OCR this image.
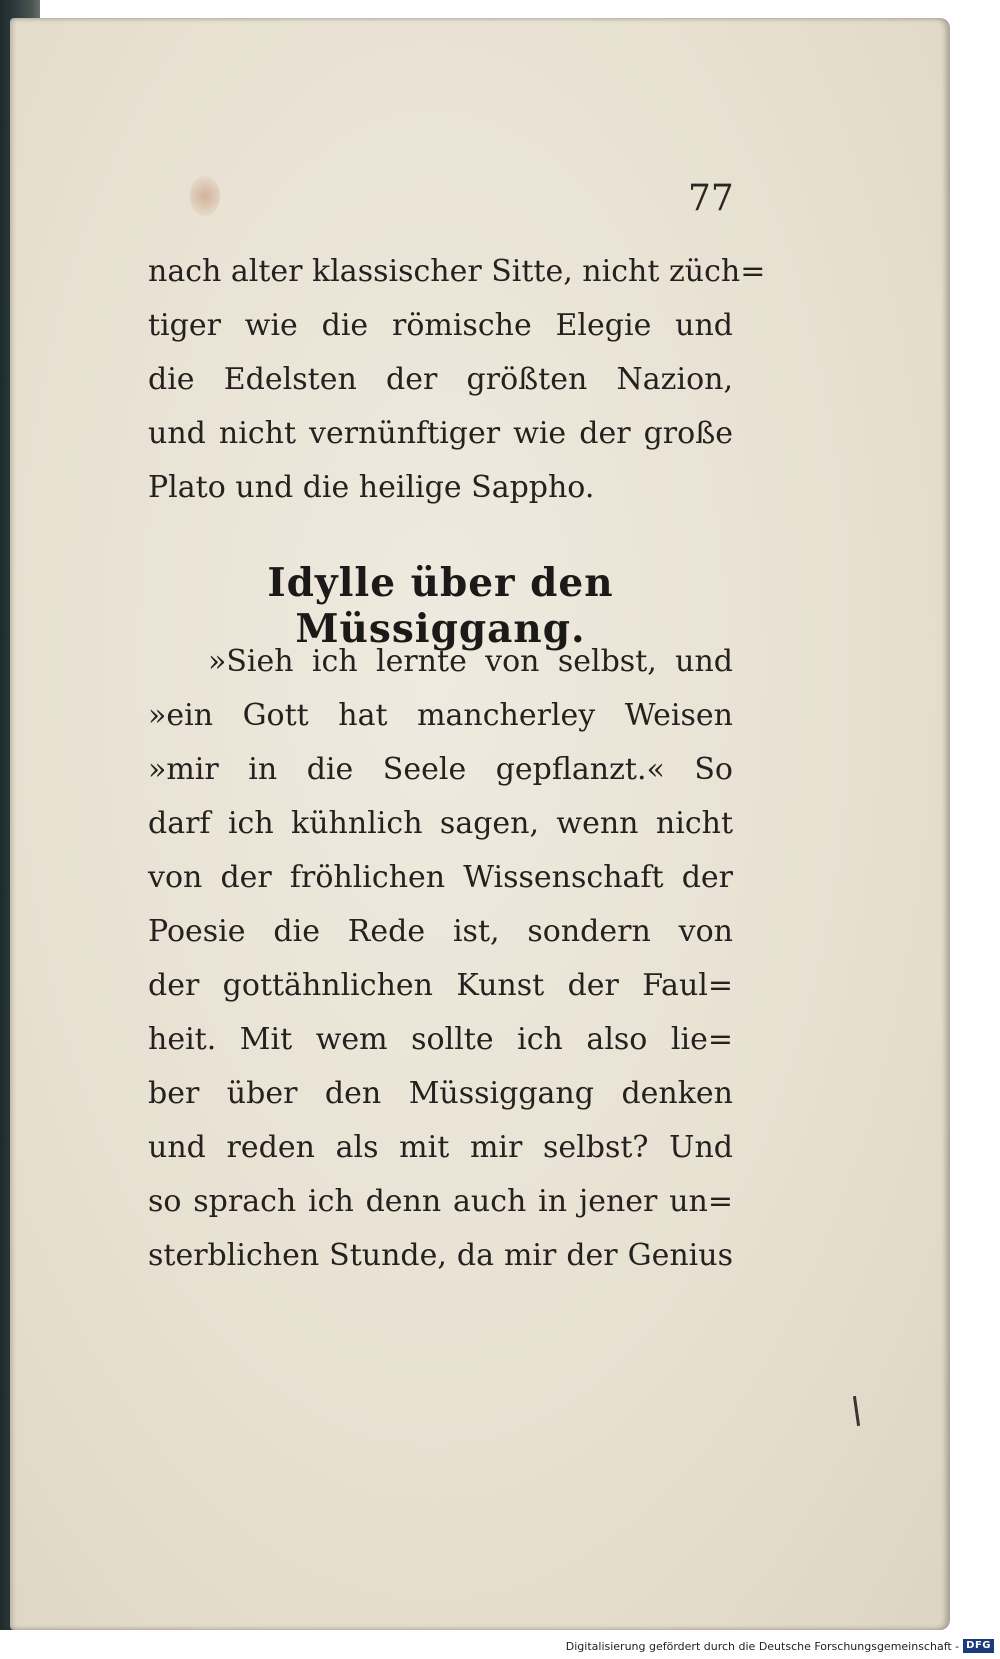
77
nach alter klassischer Sitte, nicht züch=
tiger wie die römische Elegie und
die Edelsten der größten Nazion,
und nicht vernünftiger wie der große
Plato und die heilige Sappho.
Idylle über den Müssiggang.
»Sieh ich lernte von selbst, und
»ein Gott hat mancherley Weisen
»mir in die Seele gepflanzt.« So
darf ich kühnlich sagen, wenn nicht
von der fröhlichen Wissenschaft der
Poesie die Rede ist, sondern von
der gottähnlichen Kunst der Faul=
heit. Mit wem sollte ich also lie=
ber über den Müssiggang denken
und reden als mit mir selbst? Und
so sprach ich denn auch in jener un=
sterblichen Stunde, da mir der Genius
Digitalisierung gefördert durch die Deutsche Forschungsgemeinschaft - DFG
